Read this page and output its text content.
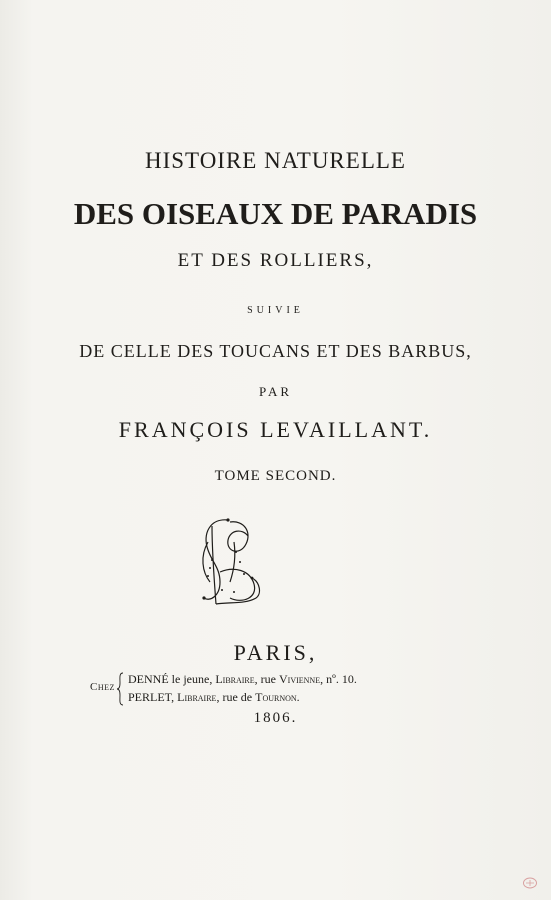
HISTOIRE NATURELLE
DES OISEAUX DE PARADIS
ET DES ROLLIERS,
SUIVIE
DE CELLE DES TOUCANS ET DES BARBUS,
PAR
FRANÇOIS LEVAILLANT.
TOME SECOND.
PARIS,
Chez
DENNÉ le jeune, Libraire, rue Vivienne, nº. 10.
PERLET, Libraire, rue de Tournon.
1806.
